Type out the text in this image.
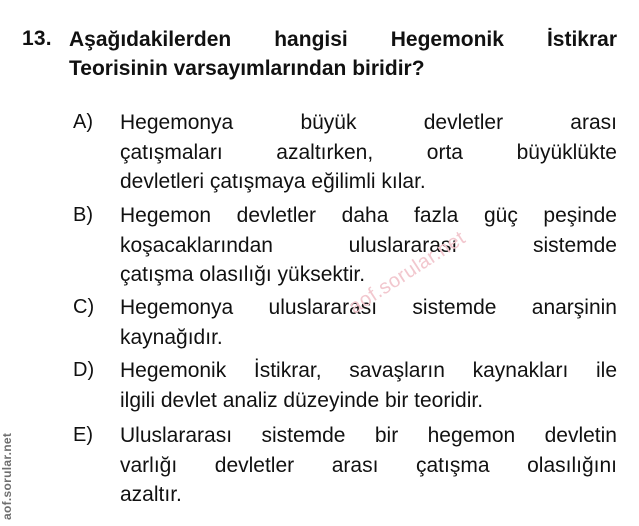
13. Aşağıdakilerden hangisi Hegemonik İstikrar
Teorisinin varsayımlarından biridir?
A) Hegemonya büyük devletler arası
çatışmaları azaltırken, orta büyüklükte
devletleri çatışmaya eğilimli kılar.
B) Hegemon devletler daha fazla güç peşinde
koşacaklarından uluslararası sistemde
çatışma olasılığı yüksektir.
C) Hegemonya uluslararası sistemde anarşinin
kaynağıdır.
D) Hegemonik İstikrar, savaşların kaynakları ile
ilgili devlet analiz düzeyinde bir teoridir.
E) Uluslararası sistemde bir hegemon devletin
varlığı devletler arası çatışma olasılığını
azaltır.
aof.sorular.net
aof.sorular.net
